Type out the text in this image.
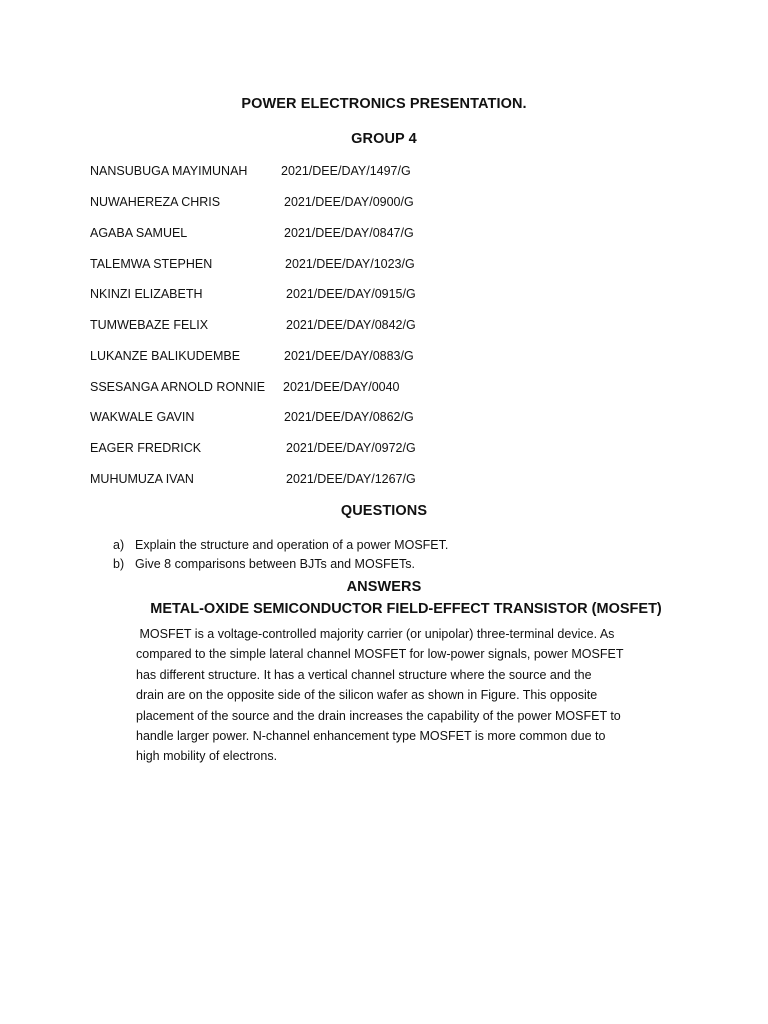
POWER ELECTRONICS PRESENTATION.
GROUP 4
NANSUBUGA MAYIMUNAH	2021/DEE/DAY/1497/G
NUWAHEREZA CHRIS	2021/DEE/DAY/0900/G
AGABA SAMUEL	2021/DEE/DAY/0847/G
TALEMWA STEPHEN	2021/DEE/DAY/1023/G
NKINZI ELIZABETH	2021/DEE/DAY/0915/G
TUMWEBAZE FELIX	2021/DEE/DAY/0842/G
LUKANZE BALIKUDEMBE	2021/DEE/DAY/0883/G
SSESANGA ARNOLD RONNIE 2021/DEE/DAY/0040
WAKWALE GAVIN	2021/DEE/DAY/0862/G
EAGER FREDRICK	2021/DEE/DAY/0972/G
MUHUMUZA IVAN	2021/DEE/DAY/1267/G
QUESTIONS
a) Explain the structure and operation of a power MOSFET.
b) Give 8 comparisons between BJTs and MOSFETs.
ANSWERS
METAL-OXIDE SEMICONDUCTOR FIELD-EFFECT TRANSISTOR (MOSFET)
MOSFET is a voltage-controlled majority carrier (or unipolar) three-terminal device. As
compared to the simple lateral channel MOSFET for low-power signals, power MOSFET
has different structure. It has a vertical channel structure where the source and the
drain are on the opposite side of the silicon wafer as shown in Figure. This opposite
placement of the source and the drain increases the capability of the power MOSFET to
handle larger power. N-channel enhancement type MOSFET is more common due to
high mobility of electrons.
